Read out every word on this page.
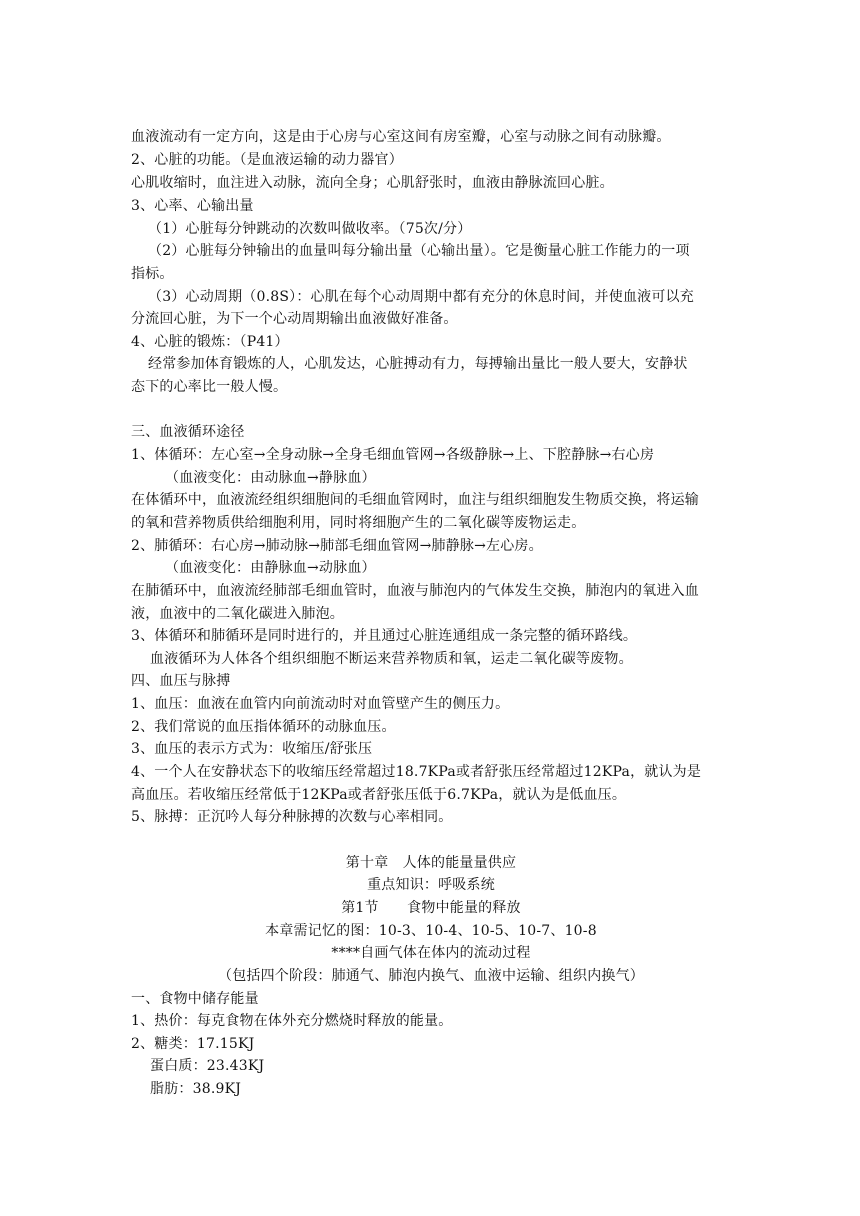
血液流动有一定方向，这是由于心房与心室这间有房室瓣，心室与动脉之间有动脉瓣。
2、心脏的功能。（是血液运输的动力器官）
心肌收缩时，血注进入动脉，流向全身；心肌舒张时，血液由静脉流回心脏。
3、心率、心输出量
（1）心脏每分钟跳动的次数叫做收率。（75次/分）
（2）心脏每分钟输出的血量叫每分输出量（心输出量）。它是衡量心脏工作能力的一项
指标。
（3）心动周期（0.8S）：心肌在每个心动周期中都有充分的休息时间，并使血液可以充
分流回心脏，为下一个心动周期输出血液做好准备。
4、心脏的锻炼：（P41）
经常参加体育锻炼的人，心肌发达，心脏搏动有力，每搏输出量比一般人要大，安静状
态下的心率比一般人慢。
三、血液循环途径
1、体循环：左心室→全身动脉→全身毛细血管网→各级静脉→上、下腔静脉→右心房
（血液变化：由动脉血→静脉血）
在体循环中，血液流经组织细胞间的毛细血管网时，血注与组织细胞发生物质交换，将运输
的氧和营养物质供给细胞利用，同时将细胞产生的二氧化碳等废物运走。
2、肺循环：右心房→肺动脉→肺部毛细血管网→肺静脉→左心房。
（血液变化：由静脉血→动脉血）
在肺循环中，血液流经肺部毛细血管时，血液与肺泡内的气体发生交换，肺泡内的氧进入血
液，血液中的二氧化碳进入肺泡。
3、体循环和肺循环是同时进行的，并且通过心脏连通组成一条完整的循环路线。
血液循环为人体各个组织细胞不断运来营养物质和氧，运走二氧化碳等废物。
四、血压与脉搏
1、血压：血液在血管内向前流动时对血管壁产生的侧压力。
2、我们常说的血压指体循环的动脉血压。
3、血压的表示方式为：收缩压/舒张压
4、一个人在安静状态下的收缩压经常超过18.7KPa或者舒张压经常超过12KPa，就认为是
高血压。若收缩压经常低于12KPa或者舒张压低于6.7KPa，就认为是低血压。
5、脉搏：正沉吟人每分种脉搏的次数与心率相同。
第十章　人体的能量量供应
重点知识：呼吸系统
第1节　　食物中能量的释放
本章需记忆的图：10-3、10-4、10-5、10-7、10-8
****自画气体在体内的流动过程
（包括四个阶段：肺通气、肺泡内换气、血液中运输、组织内换气）
一、食物中储存能量
1、热价：每克食物在体外充分燃烧时释放的能量。
2、糖类：17.15KJ
蛋白质：23.43KJ
脂肪：38.9KJ
